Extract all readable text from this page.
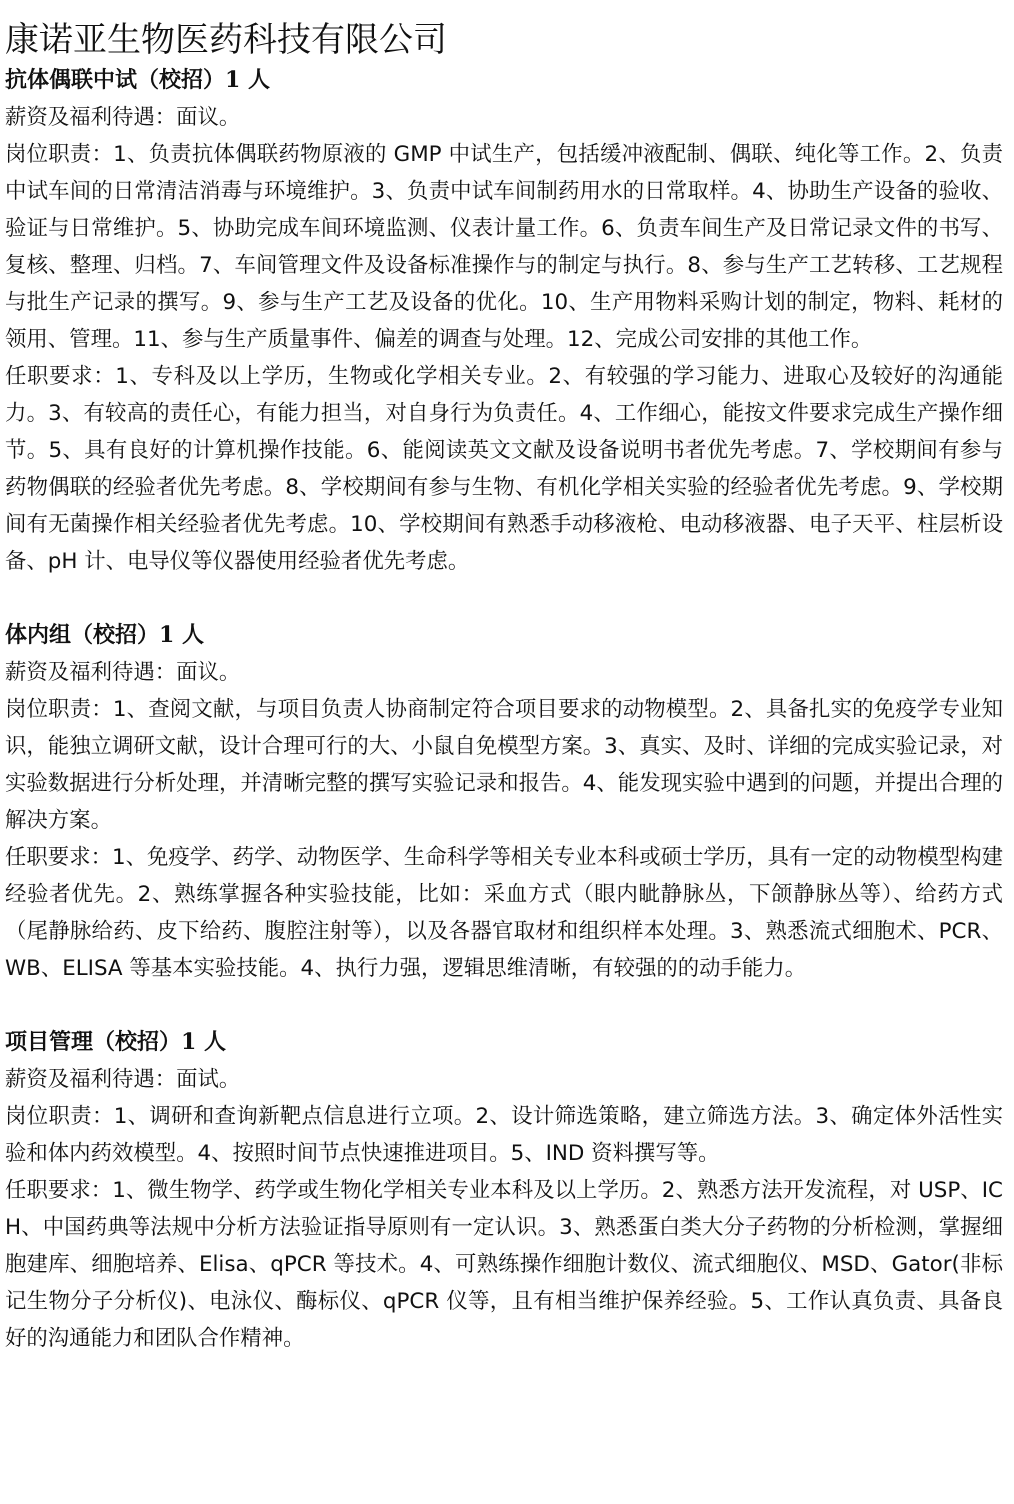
康诺亚生物医药科技有限公司

抗体偶联中试（校招）1 人

薪资及福利待遇：面议。

岗位职责：1、负责抗体偶联药物原液的 GMP 中试生产，包括缓冲液配制、偶联、纯化等工作。2、负责中试车间的日常清洁消毒与环境维护。3、负责中试车间制药用水的日常取样。4、协助生产设备的验收、验证与日常维护。5、协助完成车间环境监测、仪表计量工作。6、负责车间生产及日常记录文件的书写、复核、整理、归档。7、车间管理文件及设备标准操作与的制定与执行。8、参与生产工艺转移、工艺规程与批生产记录的撰写。9、参与生产工艺及设备的优化。10、生产用物料采购计划的制定，物料、耗材的领用、管理。11、参与生产质量事件、偏差的调查与处理。12、完成公司安排的其他工作。

任职要求：1、专科及以上学历，生物或化学相关专业。2、有较强的学习能力、进取心及较好的沟通能力。3、有较高的责任心，有能力担当，对自身行为负责任。4、工作细心，能按文件要求完成生产操作细节。5、具有良好的计算机操作技能。6、能阅读英文文献及设备说明书者优先考虑。7、学校期间有参与药物偶联的经验者优先考虑。8、学校期间有参与生物、有机化学相关实验的经验者优先考虑。9、学校期间有无菌操作相关经验者优先考虑。10、学校期间有熟悉手动移液枪、电动移液器、电子天平、柱层析设备、pH 计、电导仪等仪器使用经验者优先考虑。

体内组（校招）1 人

薪资及福利待遇：面议。

岗位职责：1、查阅文献，与项目负责人协商制定符合项目要求的动物模型。2、具备扎实的免疫学专业知识，能独立调研文献，设计合理可行的大、小鼠自免模型方案。3、真实、及时、详细的完成实验记录，对实验数据进行分析处理，并清晰完整的撰写实验记录和报告。4、能发现实验中遇到的问题，并提出合理的解决方案。

任职要求：1、免疫学、药学、动物医学、生命科学等相关专业本科或硕士学历，具有一定的动物模型构建经验者优先。2、熟练掌握各种实验技能，比如：采血方式（眼内眦静脉丛，下颌静脉丛等）、给药方式（尾静脉给药、皮下给药、腹腔注射等），以及各器官取材和组织样本处理。3、熟悉流式细胞术、PCR、WB、ELISA 等基本实验技能。4、执行力强，逻辑思维清晰，有较强的的动手能力。

项目管理（校招）1 人

薪资及福利待遇：面试。

岗位职责：1、调研和查询新靶点信息进行立项。2、设计筛选策略，建立筛选方法。3、确定体外活性实验和体内药效模型。4、按照时间节点快速推进项目。5、IND 资料撰写等。

任职要求：1、微生物学、药学或生物化学相关专业本科及以上学历。2、熟悉方法开发流程，对 USP、ICH、中国药典等法规中分析方法验证指导原则有一定认识。3、熟悉蛋白类大分子药物的分析检测，掌握细胞建库、细胞培养、Elisa、qPCR 等技术。4、可熟练操作细胞计数仪、流式细胞仪、MSD、Gator(非标记生物分子分析仪)、电泳仪、酶标仪、qPCR 仪等，且有相当维护保养经验。5、工作认真负责、具备良好的沟通能力和团队合作精神。
